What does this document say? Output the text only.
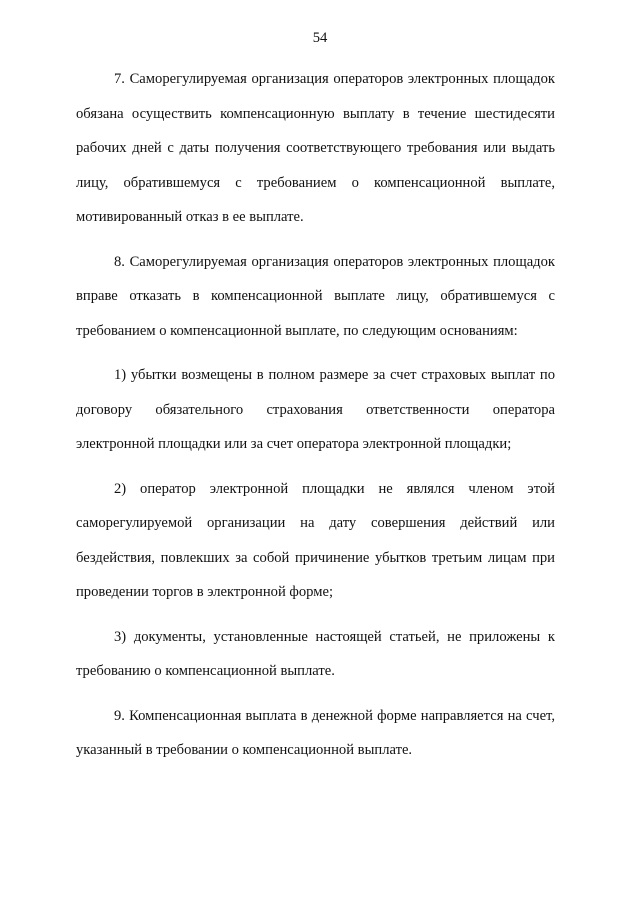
54

7. Саморегулируемая организация операторов электронных площадок обязана осуществить компенсационную выплату в течение шестидесяти рабочих дней с даты получения соответствующего требования или выдать лицу, обратившемуся с требованием о компенсационной выплате, мотивированный отказ в ее выплате.

8. Саморегулируемая организация операторов электронных площадок вправе отказать в компенсационной выплате лицу, обратившемуся с требованием о компенсационной выплате, по следующим основаниям:

1) убытки возмещены в полном размере за счет страховых выплат по договору обязательного страхования ответственности оператора электронной площадки или за счет оператора электронной площадки;

2) оператор электронной площадки не являлся членом этой саморегулируемой организации на дату совершения действий или бездействия, повлекших за собой причинение убытков третьим лицам при проведении торгов в электронной форме;

3) документы, установленные настоящей статьей, не приложены к требованию о компенсационной выплате.

9. Компенсационная выплата в денежной форме направляется на счет, указанный в требовании о компенсационной выплате.
